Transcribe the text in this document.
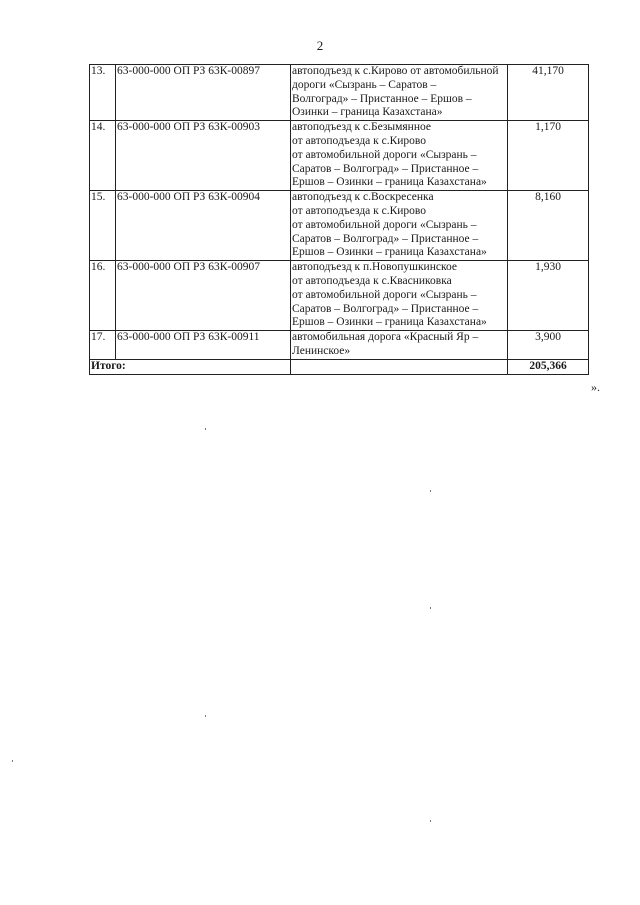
2
13.	63-000-000 ОП РЗ 63К-00897	автоподъезд к с.Кирово от автомобильной
дороги «Сызрань – Саратов –
Волгоград» – Пристанное – Ершов –
Озинки – граница Казахстана»	41,170
14.	63-000-000 ОП РЗ 63К-00903	автоподъезд к с.Безымянное
от автоподъезда к с.Кирово
от автомобильной дороги «Сызрань –
Саратов – Волгоград» – Пристанное –
Ершов – Озинки – граница Казахстана»	1,170
15.	63-000-000 ОП РЗ 63К-00904	автоподъезд к с.Воскресенка
от автоподъезда к с.Кирово
от автомобильной дороги «Сызрань –
Саратов – Волгоград» – Пристанное –
Ершов – Озинки – граница Казахстана»	8,160
16.	63-000-000 ОП РЗ 63К-00907	автоподъезд к п.Новопушкинское
от автоподъезда к с.Квасниковка
от автомобильной дороги «Сызрань –
Саратов – Волгоград» – Пристанное –
Ершов – Озинки – граница Казахстана»	1,930
17.	63-000-000 ОП РЗ 63К-00911	автомобильная дорога «Красный Яр –
Ленинское»	3,900
Итого:			205,366
».
